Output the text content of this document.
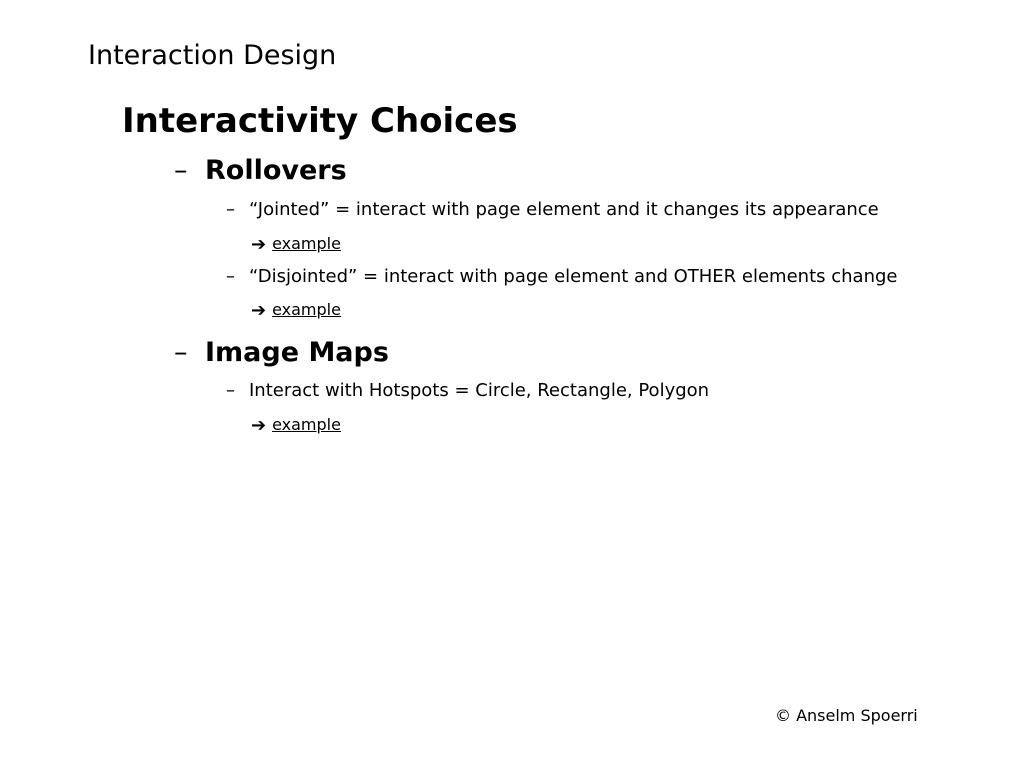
Interaction Design
Interactivity Choices
– Rollovers
– “Jointed” = interact with page element and it changes its appearance
➔ example
– “Disjointed” = interact with page element and OTHER elements change
➔ example
– Image Maps
– Interact with Hotspots = Circle, Rectangle, Polygon
➔ example
© Anselm Spoerri
